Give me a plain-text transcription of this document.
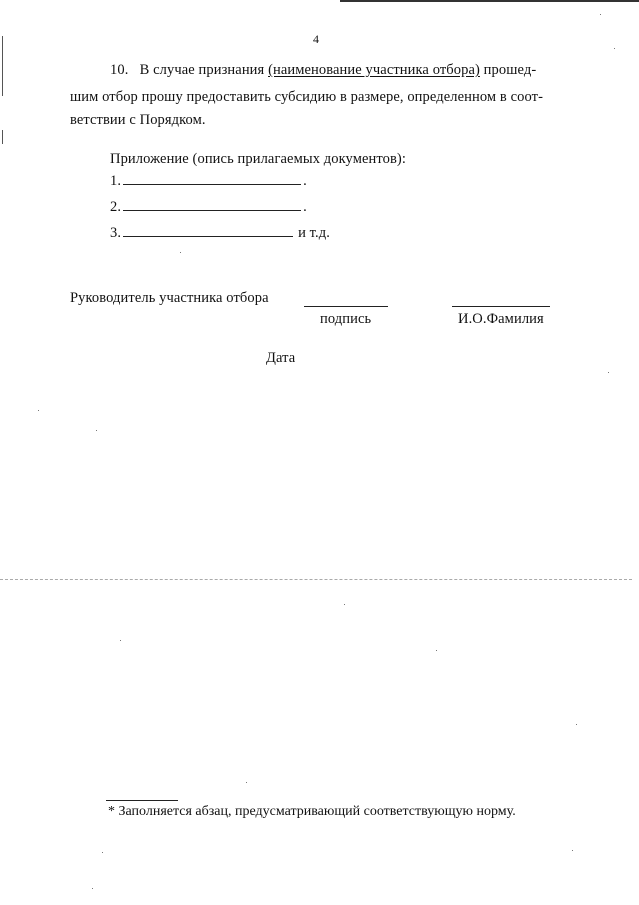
4
10. В случае признания (наименование участника отбора) прошед-
шим отбор прошу предоставить субсидию в размере, определенном в соот-
ветствии с Порядком.
Приложение (опись прилагаемых документов):
1.	.
2.	.
3.	и т.д.
Руководитель участника отбора
подпись	И.О.Фамилия
Дата
* Заполняется абзац, предусматривающий соответствующую норму.
